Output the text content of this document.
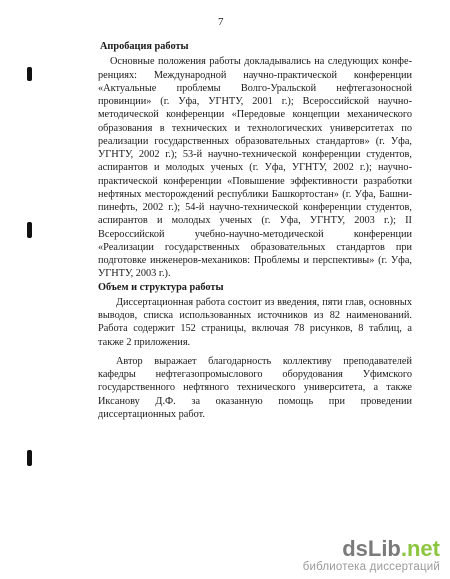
7

Апробация работы

Основные положения работы докладывались на следующих конференциях: Международной научно-практической конференции «Актуальные проблемы Волго-Уральской нефтегазоносной провинции» (г. Уфа, УГНТУ, 2001 г.); Всероссийской научно-методической конференции «Передовые концепции механического образования в технических и технологических университетах по реализации государственных образовательных стандартов» (г. Уфа, УГНТУ, 2002 г.); 53-й научно-технической конференции студентов, аспирантов и молодых ученых (г. Уфа, УГНТУ, 2002 г.); научно-практической конференции «Повышение эффективности разработки нефтяных месторождений республики Башкортостан» (г. Уфа, Башнипинефть, 2002 г.); 54-й научно-технической конференции студентов, аспирантов и молодых ученых (г. Уфа, УГНТУ, 2003 г.); II Всероссийской учебно-научно-методической конференции «Реализации государственных образовательных стандартов при подготовке инженеров-механиков: Проблемы и перспективы» (г. Уфа, УГНТУ, 2003 г.).

Объем и структура работы

Диссертационная работа состоит из введения, пяти глав, основных выводов, списка использованных источников из 82 наименований. Работа содержит 152 страницы, включая 78 рисунков, 8 таблиц, а также 2 приложения.

Автор выражает благодарность коллективу преподавателей кафедры нефтегазопромыслового оборудования Уфимского государственного нефтяного технического университета, а также Иксанову Д.Ф. за оказанную помощь при проведении диссертационных работ.

dsLib.net
библиотека диссертаций
